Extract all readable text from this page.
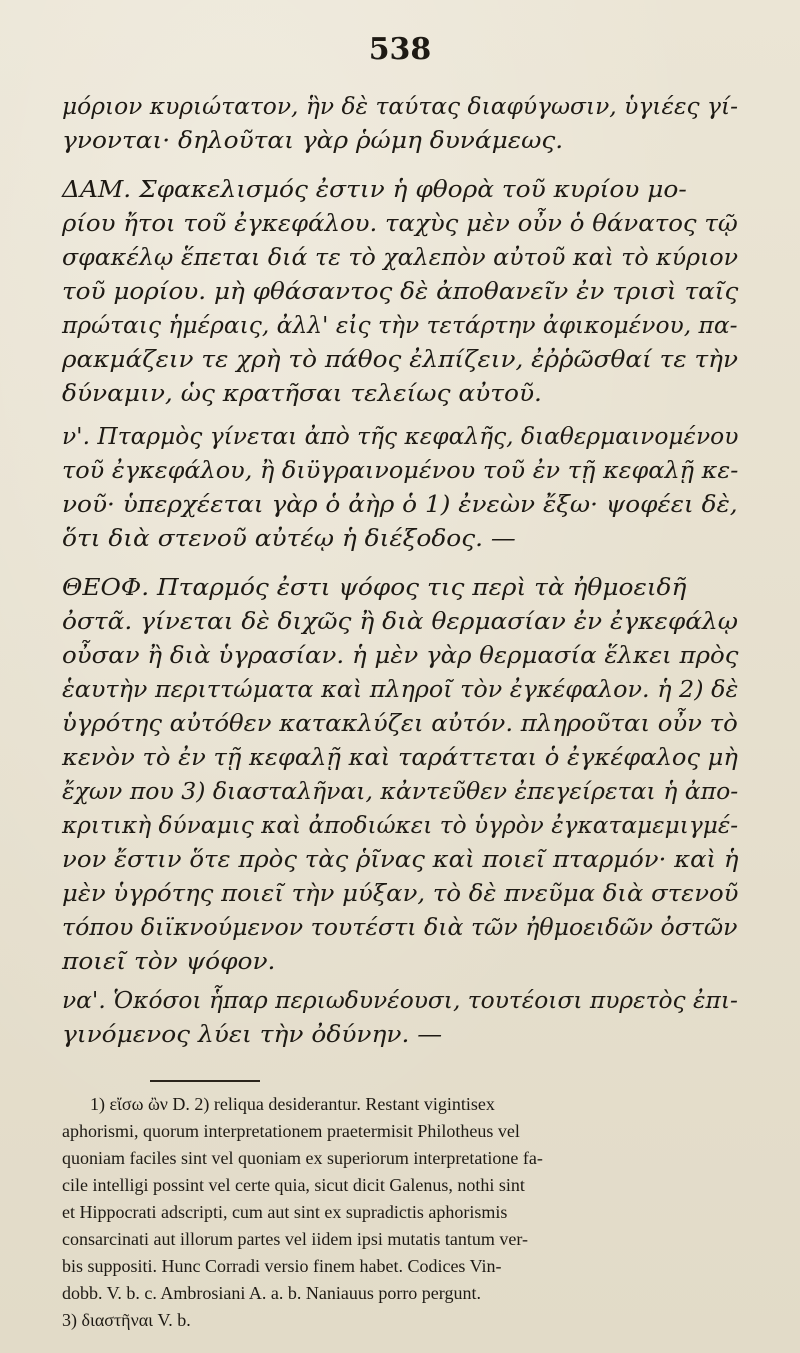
538
μόριον κυριώτατον, ἣν δὲ ταύτας διαφύγωσιν, ὑγιέες γί-
γνονται· δηλοῦται γὰρ ῥώμη δυνάμεως.
ΔΑΜ. Σφακελισμός ἐστιν ἡ φθορὰ τοῦ κυρίου μο-
ρίου ἤτοι τοῦ ἐγκεφάλου. ταχὺς μὲν οὖν ὁ θάνατος τῷ
σφακέλῳ ἕπεται διά τε τὸ χαλεπὸν αὐτοῦ καὶ τὸ κύριον
τοῦ μορίου. μὴ φθάσαντος δὲ ἀποθανεῖν ἐν τρισὶ ταῖς
πρώταις ἡμέραις, ἀλλ' εἰς τὴν τετάρτην ἀφικομένου, πα-
ρακμάζειν τε χρὴ τὸ πάθος ἐλπίζειν, ἐῤῥῶσθαί τε τὴν
δύναμιν, ὡς κρατῆσαι τελείως αὐτοῦ.
ν'. Πταρμὸς γίνεται ἀπὸ τῆς κεφαλῆς, διαθερμαινομένου
τοῦ ἐγκεφάλου, ἢ διϋγραινομένου τοῦ ἐν τῇ κεφαλῇ κε-
νοῦ· ὑπερχέεται γὰρ ὁ ἀὴρ ὁ 1) ἐνεὼν ἔξω· ψοφέει δὲ,
ὅτι διὰ στενοῦ αὐτέῳ ἡ διέξοδος. —
ΘΕΟΦ. Πταρμός ἐστι ψόφος τις περὶ τὰ ἠθμοειδῆ
ὀστᾶ. γίνεται δὲ διχῶς ἢ διὰ θερμασίαν ἐν ἐγκεφάλῳ
οὖσαν ἢ διὰ ὑγρασίαν. ἡ μὲν γὰρ θερμασία ἕλκει πρὸς
ἑαυτὴν περιττώματα καὶ πληροῖ τὸν ἐγκέφαλον. ἡ 2) δὲ
ὑγρότης αὐτόθεν κατακλύζει αὐτόν. πληροῦται οὖν τὸ
κενὸν τὸ ἐν τῇ κεφαλῇ καὶ ταράττεται ὁ ἐγκέφαλος μὴ
ἔχων που 3) διασταλῆναι, κἀντεῦθεν ἐπεγείρεται ἡ ἀπο-
κριτικὴ δύναμις καὶ ἀποδιώκει τὸ ὑγρὸν ἐγκαταμεμιγμέ-
νον ἔστιν ὅτε πρὸς τὰς ῥῖνας καὶ ποιεῖ πταρμόν· καὶ ἡ
μὲν ὑγρότης ποιεῖ τὴν μύξαν, τὸ δὲ πνεῦμα διὰ στενοῦ
τόπου διϊκνούμενον τουτέστι διὰ τῶν ἠθμοειδῶν ὀστῶν
ποιεῖ τὸν ψόφον.
να'. Ὁκόσοι ἧπαρ περιωδυνέουσι, τουτέοισι πυρετὸς ἐπι-
γινόμενος λύει τὴν ὀδύνην. —
1) εἴσω ὢν D. 2) reliqua desiderantur. Restant vigintisex
aphorismi, quorum interpretationem praetermisit Philotheus vel
quoniam faciles sint vel quoniam ex superiorum interpretatione fa-
cile intelligi possint vel certe quia, sicut dicit Galenus, nothi sint
et Hippocrati adscripti, cum aut sint ex supradictis aphorismis
consarcinati aut illorum partes vel iidem ipsi mutatis tantum ver-
bis suppositi. Hunc Corradi versio finem habet. Codices Vin-
dobb. V. b. c. Ambrosiani A. a. b. Naniauus porro pergunt.
3) διαστῆναι V. b.
